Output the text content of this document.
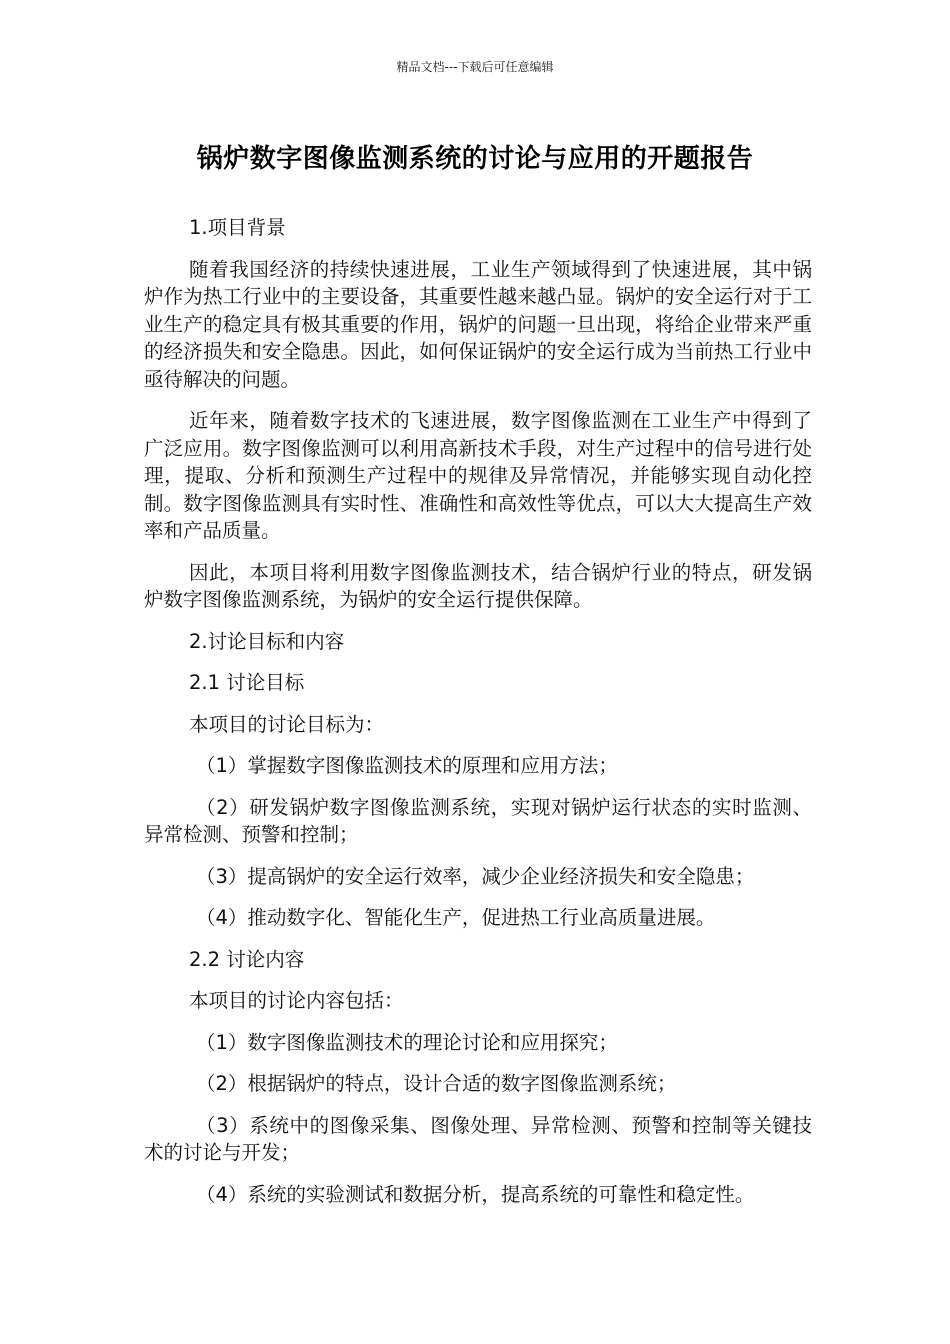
精品文档---下载后可任意编辑
锅炉数字图像监测系统的讨论与应用的开题报告

1.项目背景

随着我国经济的持续快速进展，工业生产领域得到了快速进展，其中锅炉作为热工行业中的主要设备，其重要性越来越凸显。锅炉的安全运行对于工业生产的稳定具有极其重要的作用，锅炉的问题一旦出现，将给企业带来严重的经济损失和安全隐患。因此，如何保证锅炉的安全运行成为当前热工行业中亟待解决的问题。

近年来，随着数字技术的飞速进展，数字图像监测在工业生产中得到了广泛应用。数字图像监测可以利用高新技术手段，对生产过程中的信号进行处理，提取、分析和预测生产过程中的规律及异常情况，并能够实现自动化控制。数字图像监测具有实时性、准确性和高效性等优点，可以大大提高生产效率和产品质量。

因此，本项目将利用数字图像监测技术，结合锅炉行业的特点，研发锅炉数字图像监测系统，为锅炉的安全运行提供保障。

2.讨论目标和内容

2.1 讨论目标

本项目的讨论目标为：

（1）掌握数字图像监测技术的原理和应用方法；

（2）研发锅炉数字图像监测系统，实现对锅炉运行状态的实时监测、异常检测、预警和控制；

（3）提高锅炉的安全运行效率，减少企业经济损失和安全隐患；

（4）推动数字化、智能化生产，促进热工行业高质量进展。

2.2 讨论内容

本项目的讨论内容包括：

（1）数字图像监测技术的理论讨论和应用探究；

（2）根据锅炉的特点，设计合适的数字图像监测系统；

（3）系统中的图像采集、图像处理、异常检测、预警和控制等关键技术的讨论与开发；

（4）系统的实验测试和数据分析，提高系统的可靠性和稳定性。
